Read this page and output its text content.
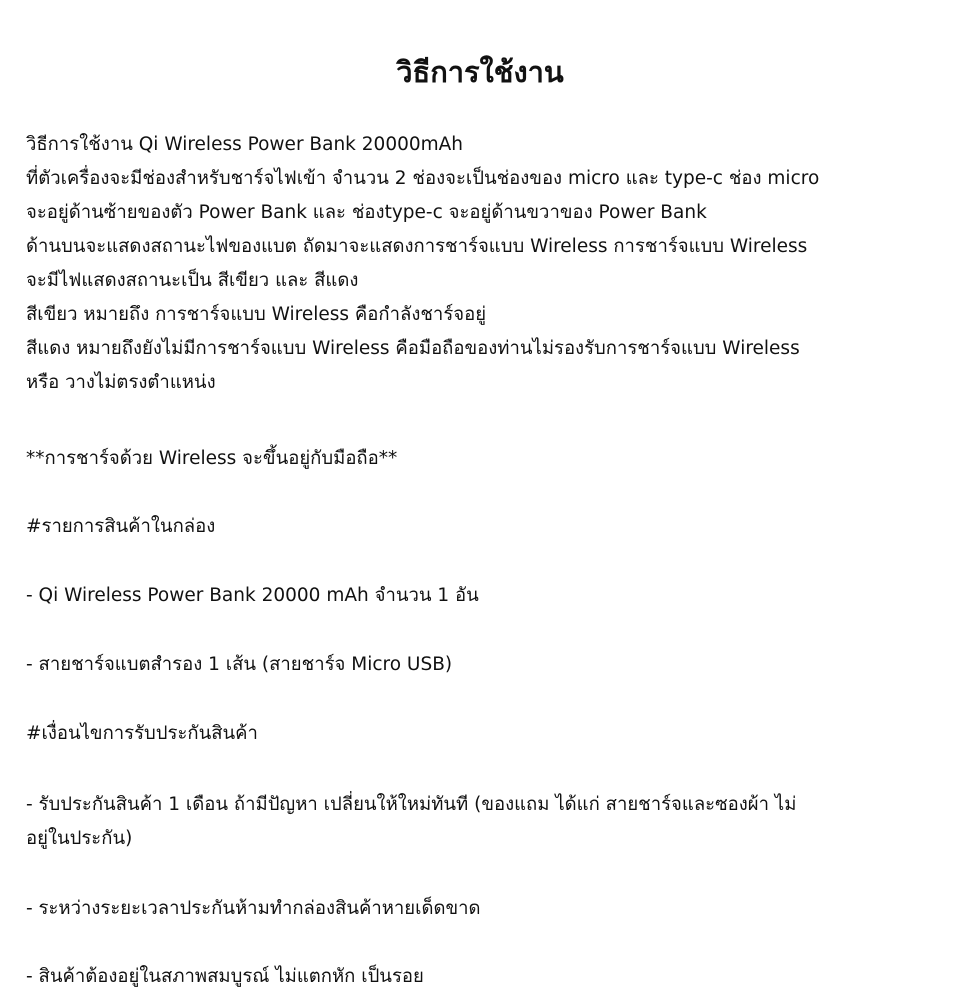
วิธีการใช้งาน
วิธีการใช้งาน Qi Wireless Power Bank 20000mAh
ที่ตัวเครื่องจะมีช่องสำหรับชาร์จไฟเข้า จำนวน 2 ช่องจะเป็นช่องของ micro และ type-c ช่อง micro
จะอยู่ด้านซ้ายของตัว Power Bank และ ช่องtype-c จะอยู่ด้านขวาของ Power Bank
ด้านบนจะแสดงสถานะไฟของแบต ถัดมาจะแสดงการชาร์จแบบ Wireless การชาร์จแบบ Wireless
จะมีไฟแสดงสถานะเป็น สีเขียว และ สีแดง
สีเขียว หมายถึง การชาร์จแบบ Wireless คือกำลังชาร์จอยู่
สีแดง หมายถึงยังไม่มีการชาร์จแบบ Wireless คือมือถือของท่านไม่รองรับการชาร์จแบบ Wireless
หรือ วางไม่ตรงตำแหน่ง
**การชาร์จด้วย Wireless จะขึ้นอยู่กับมือถือ**
#รายการสินค้าในกล่อง
- Qi Wireless Power Bank 20000 mAh จำนวน 1 อัน
- สายชาร์จแบตสำรอง 1 เส้น (สายชาร์จ Micro USB)
#เงื่อนไขการรับประกันสินค้า
- รับประกันสินค้า 1 เดือน ถ้ามีปัญหา เปลี่ยนให้ใหม่ทันที (ของแถม ได้แก่ สายชาร์จและซองผ้า ไม่
อยู่ในประกัน)
- ระหว่างระยะเวลาประกันห้ามทำกล่องสินค้าหายเด็ดขาด
- สินค้าต้องอยู่ในสภาพสมบูรณ์ ไม่แตกหัก เป็นรอย
